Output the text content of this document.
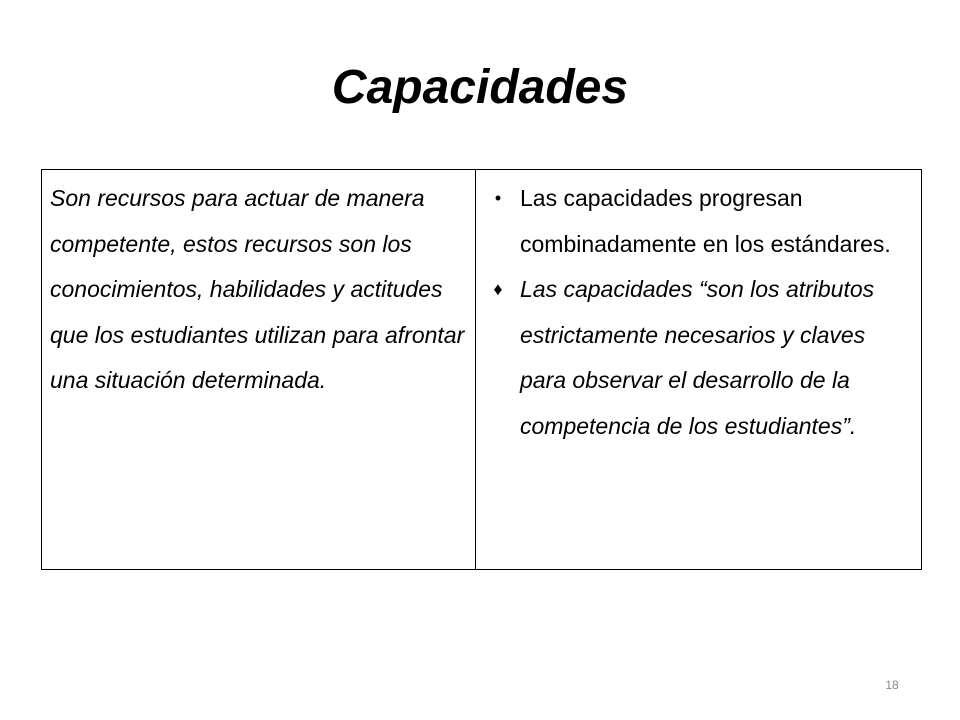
Capacidades
Son recursos para actuar de manera competente, estos recursos son los conocimientos, habilidades y actitudes que los estudiantes utilizan para afrontar una situación determinada.

• Las capacidades progresan combinadamente en los estándares.
♦ Las capacidades “son los atributos estrictamente necesarios y claves para observar el desarrollo de la competencia de los estudiantes”.
18
